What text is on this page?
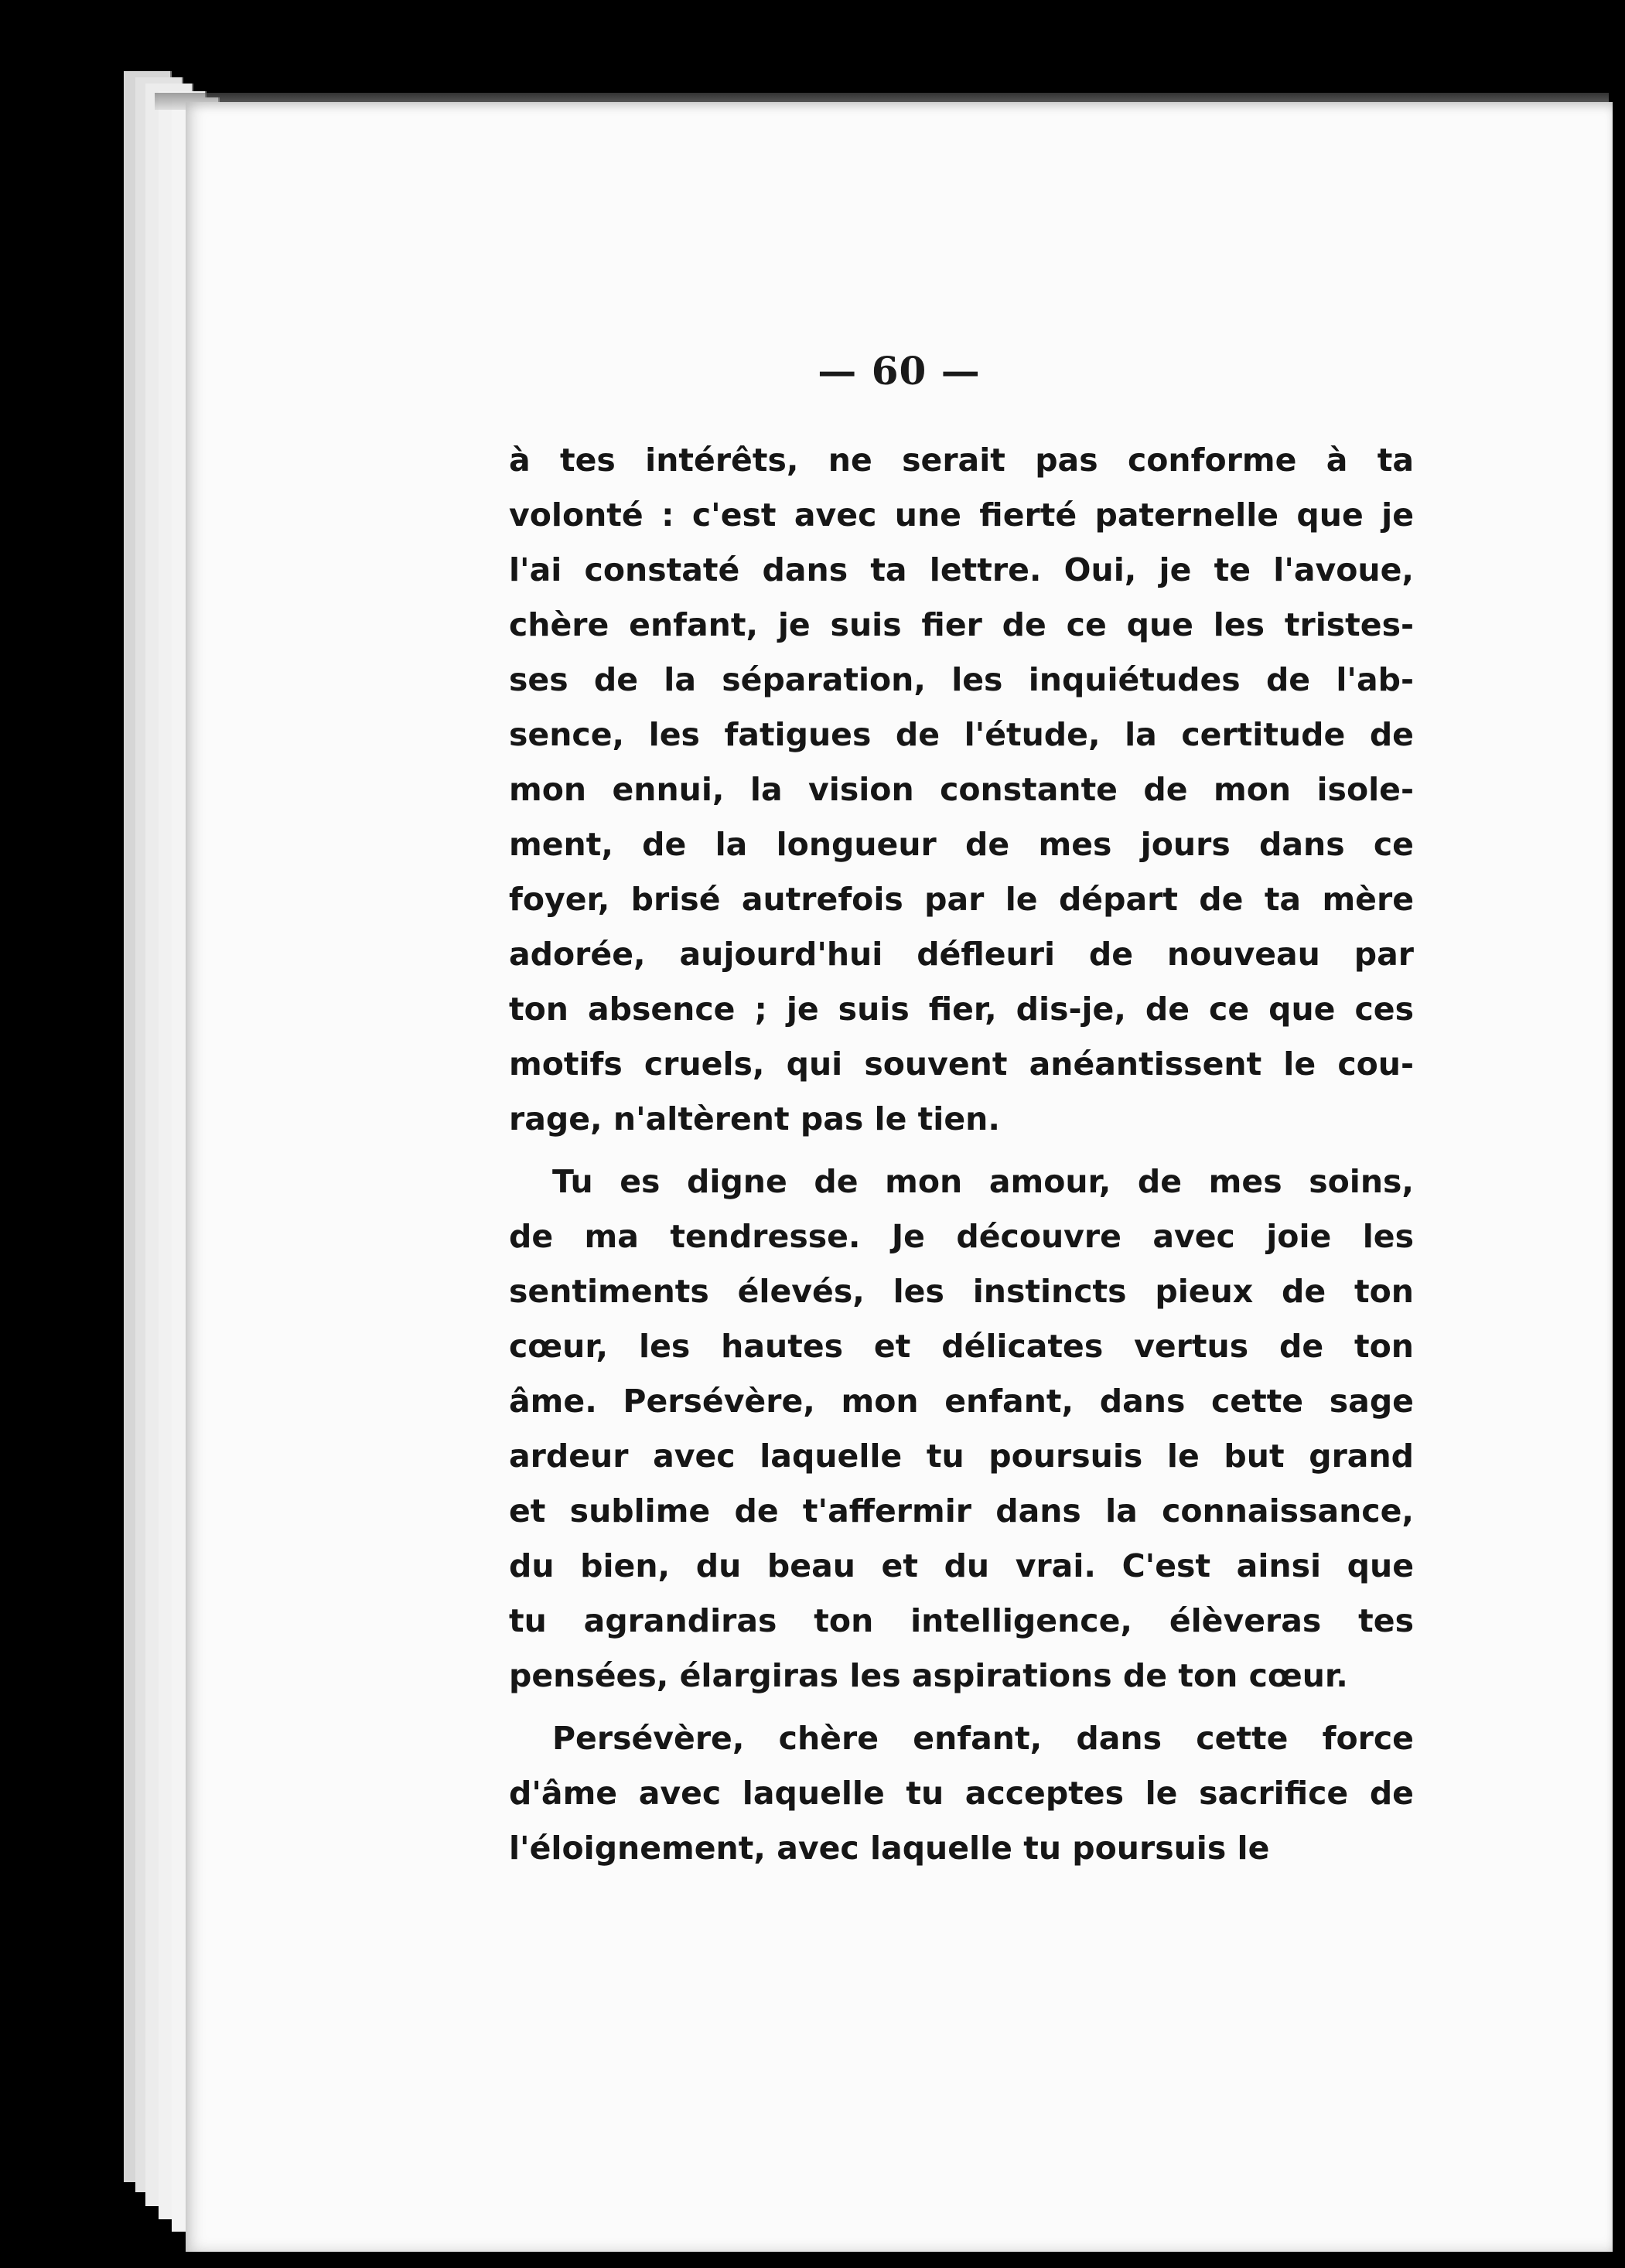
— 60 —
à tes intérêts, ne serait pas conforme à ta
volonté : c'est avec une fierté paternelle que je
l'ai constaté dans ta lettre. Oui, je te l'avoue,
chère enfant, je suis fier de ce que les tristes-
ses de la séparation, les inquiétudes de l'ab-
sence, les fatigues de l'étude, la certitude de
mon ennui, la vision constante de mon isole-
ment, de la longueur de mes jours dans ce
foyer, brisé autrefois par le départ de ta mère
adorée, aujourd'hui défleuri de nouveau par
ton absence ; je suis fier, dis-je, de ce que ces
motifs cruels, qui souvent anéantissent le cou-
rage, n'altèrent pas le tien.
Tu es digne de mon amour, de mes soins,
de ma tendresse. Je découvre avec joie les
sentiments élevés, les instincts pieux de ton
cœur, les hautes et délicates vertus de ton
âme. Persévère, mon enfant, dans cette sage
ardeur avec laquelle tu poursuis le but grand
et sublime de t'affermir dans la connaissance,
du bien, du beau et du vrai. C'est ainsi que
tu agrandiras ton intelligence, élèveras tes
pensées, élargiras les aspirations de ton cœur.
Persévère, chère enfant, dans cette force
d'âme avec laquelle tu acceptes le sacrifice de
l'éloignement, avec laquelle tu poursuis le
